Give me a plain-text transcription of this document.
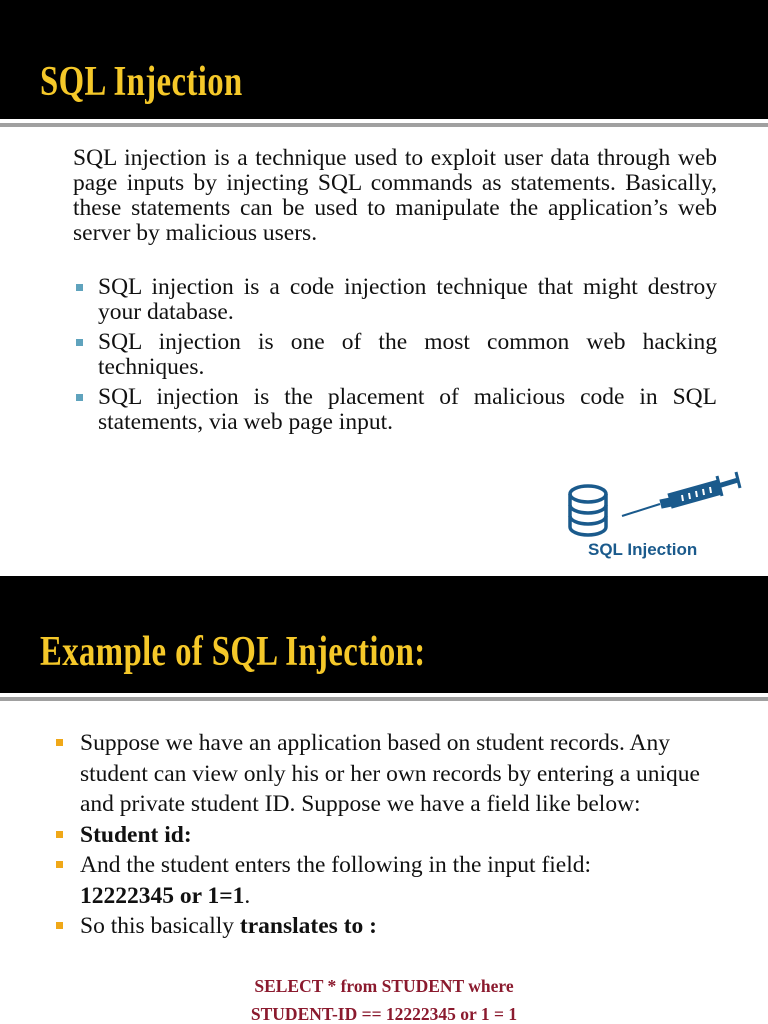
SQL Injection

SQL injection is a technique used to exploit user data through web page inputs by injecting SQL commands as statements. Basically, these statements can be used to manipulate the application’s web server by malicious users.

SQL injection is a code injection technique that might destroy your database.
SQL injection is one of the most common web hacking techniques.
SQL injection is the placement of malicious code in SQL statements, via web page input.
SQL Injection
Example of SQL Injection:
Suppose we have an application based on student records. Any student can view only his or her own records by entering a unique and private student ID. Suppose we have a field like below:
Student id:
And the student enters the following in the input field:
12222345 or 1=1.
So this basically translates to :
SELECT * from STUDENT where
STUDENT-ID == 12222345 or 1 = 1
